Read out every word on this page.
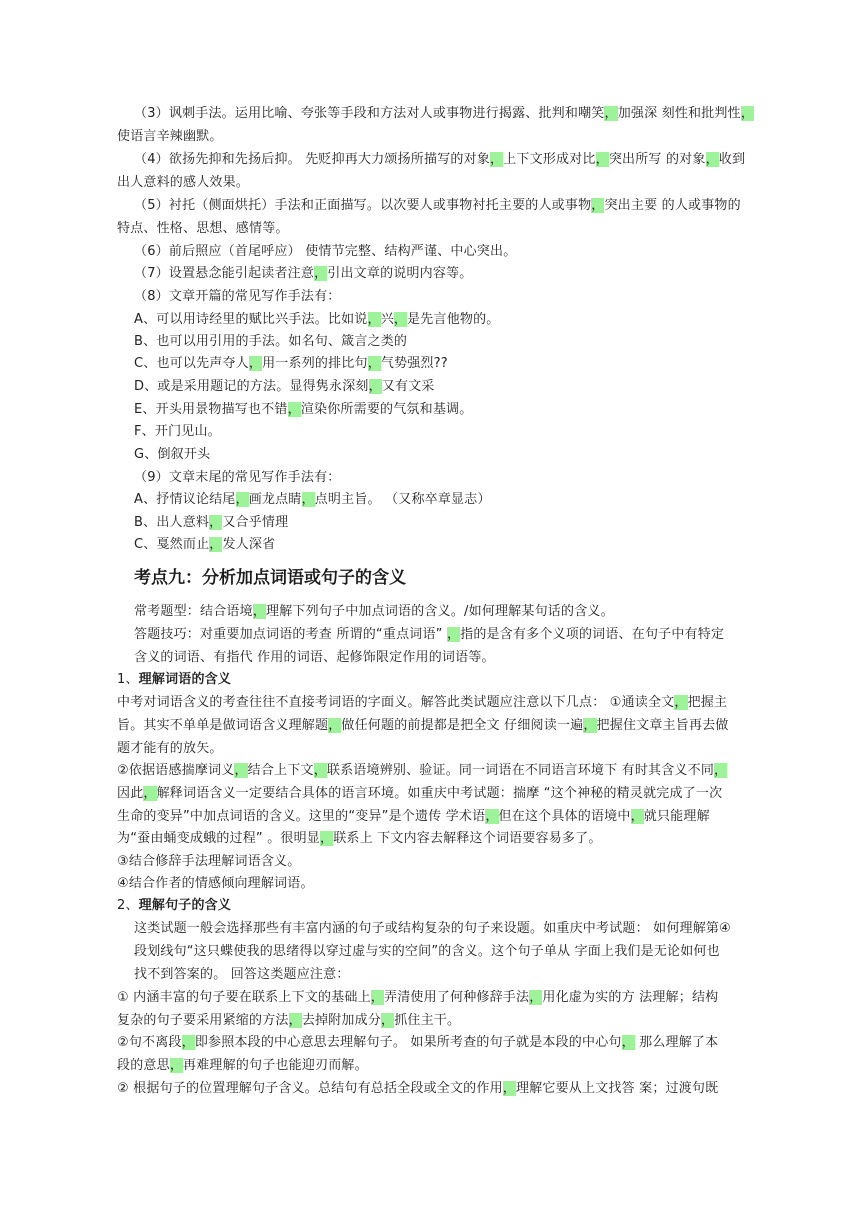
（3）讽刺手法。运用比喻、夸张等手段和方法对人或事物进行揭露、批判和嘲笑，加强深 刻性和批判性，
使语言辛辣幽默。
（4）欲扬先抑和先扬后抑。 先贬抑再大力颂扬所描写的对象，上下文形成对比，突出所写 的对象，收到
出人意料的感人效果。
（5）衬托（侧面烘托）手法和正面描写。以次要人或事物衬托主要的人或事物，突出主要 的人或事物的
特点、性格、思想、感情等。
（6）前后照应（首尾呼应） 使情节完整、结构严谨、中心突出。
（7）设置悬念能引起读者注意，引出文章的说明内容等。
（8）文章开篇的常见写作手法有：
A、可以用诗经里的赋比兴手法。比如说，兴，是先言他物的。
B、也可以用引用的手法。如名句、箴言之类的
C、也可以先声夺人，用一系列的排比句，气势强烈??
D、或是采用题记的方法。显得隽永深刻，又有文采
E、开头用景物描写也不错，渲染你所需要的气氛和基调。
F、开门见山。
G、倒叙开头
（9）文章末尾的常见写作手法有：
A、抒情议论结尾，画龙点睛，点明主旨。 （又称卒章显志）
B、出人意料，又合乎情理
C、戛然而止，发人深省
考点九：分析加点词语或句子的含义
常考题型：结合语境，理解下列句子中加点词语的含义。/如何理解某句话的含义。
答题技巧：对重要加点词语的考查 所谓的“重点词语” ，指的是含有多个义项的词语、在句子中有特定
含义的词语、有指代 作用的词语、起修饰限定作用的词语等。
1、理解词语的含义
中考对词语含义的考查往往不直接考词语的字面义。解答此类试题应注意以下几点： ①通读全文，把握主
旨。其实不单单是做词语含义理解题，做任何题的前提都是把全文 仔细阅读一遍，把握住文章主旨再去做
题才能有的放矢。
②依据语感揣摩词义，结合上下文，联系语境辨别、验证。同一词语在不同语言环境下 有时其含义不同，
因此，解释词语含义一定要结合具体的语言环境。如重庆中考试题：揣摩 “这个神秘的精灵就完成了一次
生命的变异”中加点词语的含义。这里的“变异”是个遗传 学术语，但在这个具体的语境中，就只能理解
为“蚕由蛹变成蛾的过程” 。很明显，联系上 下文内容去解释这个词语要容易多了。
③结合修辞手法理解词语含义。
④结合作者的情感倾向理解词语。
2、理解句子的含义
这类试题一般会选择那些有丰富内涵的句子或结构复杂的句子来设题。如重庆中考试题： 如何理解第④
段划线句“这只蝶使我的思绪得以穿过虚与实的空间”的含义。这个句子单从 字面上我们是无论如何也
找不到答案的。 回答这类题应注意：
① 内涵丰富的句子要在联系上下文的基础上，弄清使用了何种修辞手法，用化虚为实的方 法理解；结构
复杂的句子要采用紧缩的方法，去掉附加成分，抓住主干。
②句不离段，即参照本段的中心意思去理解句子。 如果所考查的句子就是本段的中心句， 那么理解了本
段的意思，再难理解的句子也能迎刃而解。
② 根据句子的位置理解句子含义。总结句有总括全段或全文的作用，理解它要从上文找答 案；过渡句既
